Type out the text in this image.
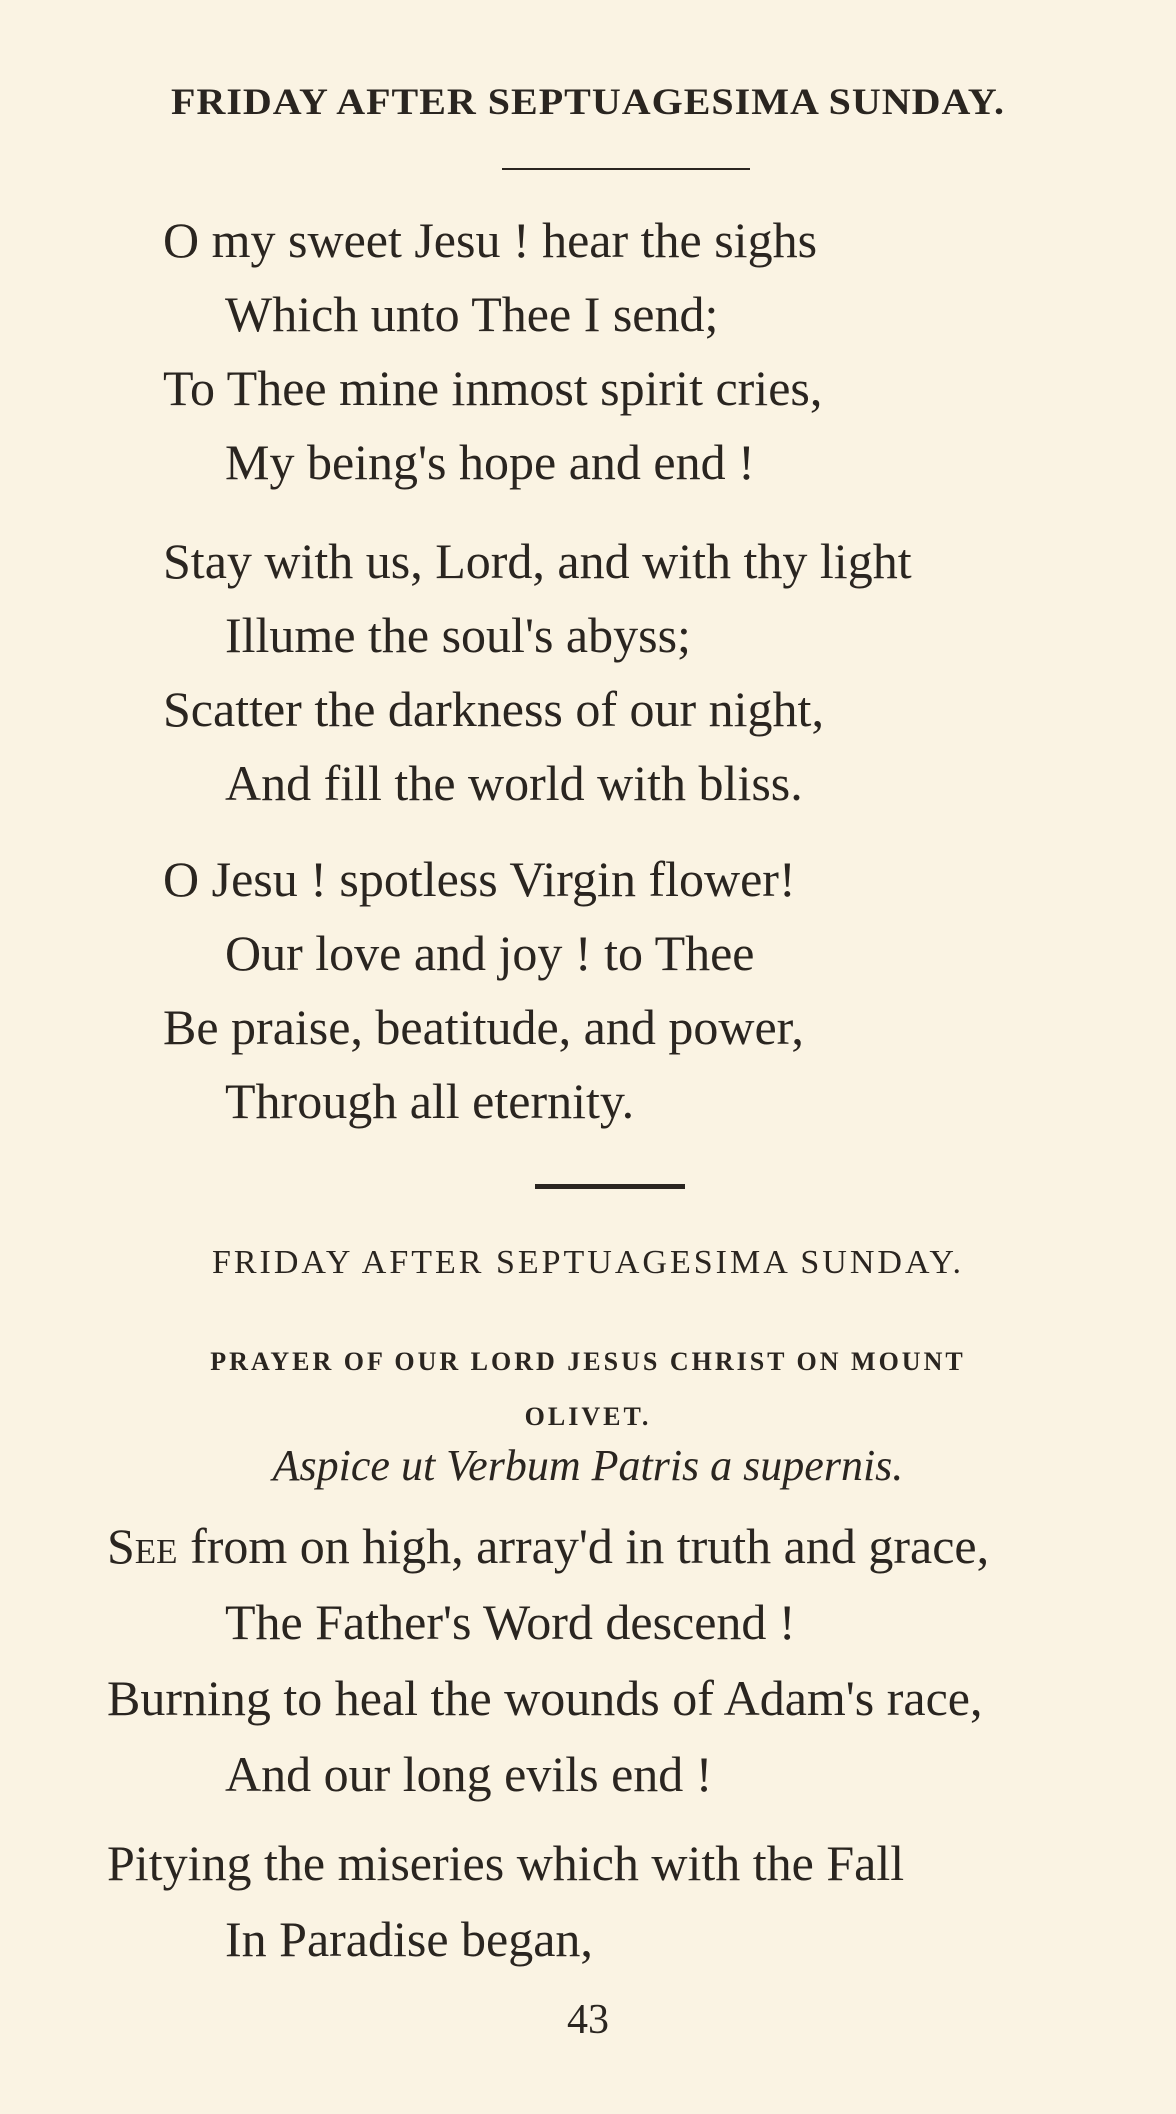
FRIDAY AFTER SEPTUAGESIMA SUNDAY.
O my sweet Jesu ! hear the sighs
Which unto Thee I send;
To Thee mine inmost spirit cries,
My being's hope and end !
Stay with us, Lord, and with thy light
Illume the soul's abyss;
Scatter the darkness of our night,
And fill the world with bliss.
O Jesu ! spotless Virgin flower!
Our love and joy ! to Thee
Be praise, beatitude, and power,
Through all eternity.
FRIDAY AFTER SEPTUAGESIMA SUNDAY.
PRAYER OF OUR LORD JESUS CHRIST ON MOUNT
OLIVET.
Aspice ut Verbum Patris a supernis.
See from on high, array'd in truth and grace,
The Father's Word descend !
Burning to heal the wounds of Adam's race,
And our long evils end !
Pitying the miseries which with the Fall
In Paradise began,
43
